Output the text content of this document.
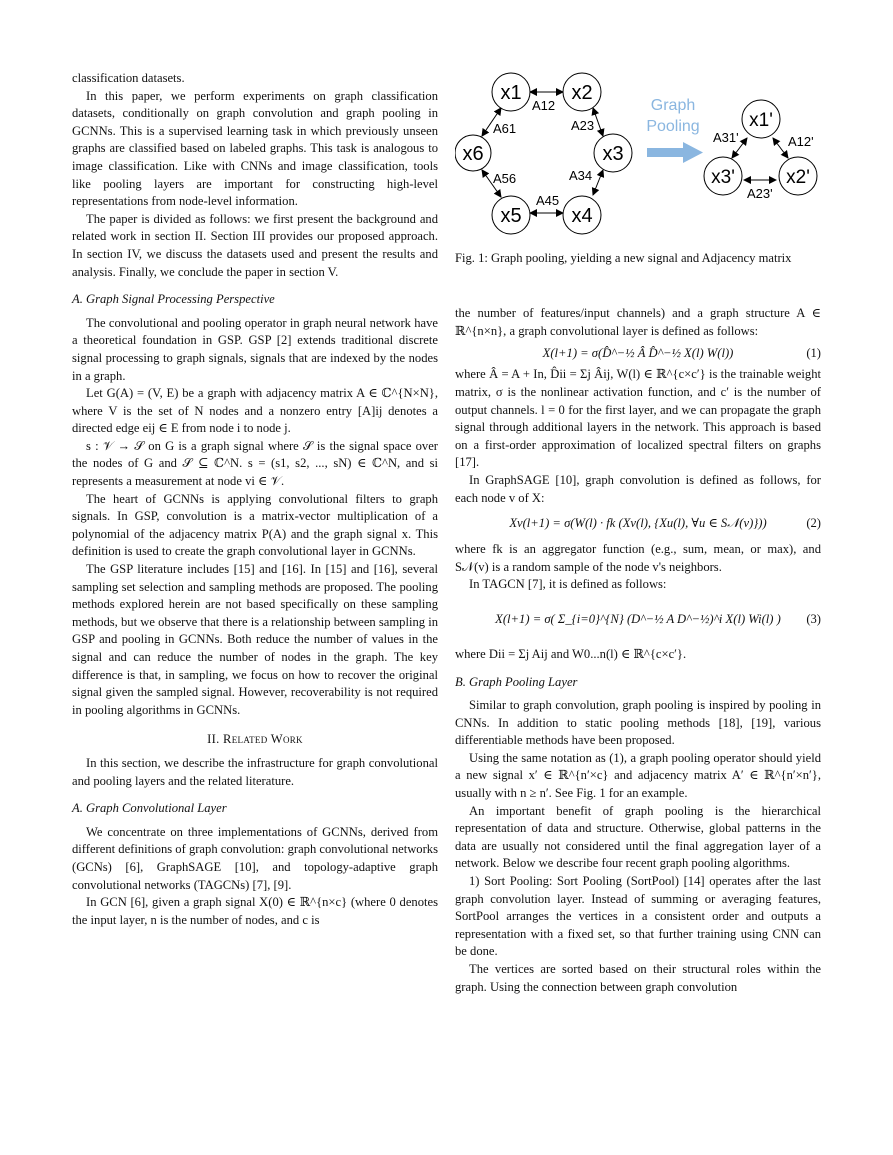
classification datasets.

In this paper, we perform experiments on graph classification datasets, conditionally on graph convolution and graph pooling in GCNNs. This is a supervised learning task in which previously unseen graphs are classified based on labeled graphs. This task is analogous to image classification. Like with CNNs and image classification, tools like pooling layers are important for constructing high-level representations from node-level information.

The paper is divided as follows: we first present the background and related work in section II. Section III provides our proposed approach. In section IV, we discuss the datasets used and present the results and analysis. Finally, we conclude the paper in section V.

A. Graph Signal Processing Perspective

The convolutional and pooling operator in graph neural network have a theoretical foundation in GSP. GSP [2] extends traditional discrete signal processing to graph signals, signals that are indexed by the nodes in a graph.

Let G(A) = (V, E) be a graph with adjacency matrix A ∈ ℂ^{N×N}, where V is the set of N nodes and a nonzero entry [A]ij denotes a directed edge eij ∈ E from node i to node j.

s : 𝒱 → 𝒮 on G is a graph signal where 𝒮 is the signal space over the nodes of G and 𝒮 ⊆ ℂ^N. s = (s1, s2, ..., sN) ∈ ℂ^N, and si represents a measurement at node vi ∈ 𝒱.

The heart of GCNNs is applying convolutional filters to graph signals. In GSP, convolution is a matrix-vector multiplication of a polynomial of the adjacency matrix P(A) and the graph signal x. This definition is used to create the graph convolutional layer in GCNNs.

The GSP literature includes [15] and [16]. In [15] and [16], several sampling set selection and sampling methods are proposed. The pooling methods explored herein are not based specifically on these sampling methods, but we observe that there is a relationship between sampling in GSP and pooling in GCNNs. Both reduce the number of values in the signal and can reduce the number of nodes in the graph. The key difference is that, in sampling, we focus on how to recover the original signal given the sampled signal. However, recoverability is not required in pooling algorithms in GCNNs.

II. Related Work

In this section, we describe the infrastructure for graph convolutional and pooling layers and the related literature.

A. Graph Convolutional Layer

We concentrate on three implementations of GCNNs, derived from different definitions of graph convolution: graph convolutional networks (GCNs) [6], GraphSAGE [10], and topology-adaptive graph convolutional networks (TAGCNs) [7], [9].

In GCN [6], given a graph signal X(0) ∈ ℝ^{n×c} (where 0 denotes the input layer, n is the number of nodes, and c is

x1 x2
x3
x4
x5
x6
A12
A23
A34
A45
A56
A61
Graph
Pooling	x1'
x2'
x3'
A31'	A12'
A23'
Fig. 1: Graph pooling, yielding a new signal and Adjacency matrix

the number of features/input channels) and a graph structure A ∈ ℝ^{n×n}, a graph convolutional layer is defined as follows:

X(l+1) = σ(D̂^−½ Â D̂^−½ X(l) W(l))	(1)

where Â = A + In, D̂ii = Σj Âij, W(l) ∈ ℝ^{c×c′} is the trainable weight matrix, σ is the nonlinear activation function, and c′ is the number of output channels. l = 0 for the first layer, and we can propagate the graph signal through additional layers in the network. This approach is based on a first-order approximation of localized spectral filters on graphs [17].

In GraphSAGE [10], graph convolution is defined as follows, for each node v of X:

Xv(l+1) = σ(W(l) · fk (Xv(l), {Xu(l), ∀u ∈ S𝒩(v)}))	(2)

where fk is an aggregator function (e.g., sum, mean, or max), and S𝒩(v) is a random sample of the node v's neighbors.

In TAGCN [7], it is defined as follows:

X(l+1) = σ( Σ_{i=0}^{N} (D^−½ A D^−½)^i X(l) Wi(l) ) (3)

where Dii = Σj Aij and W0...n(l) ∈ ℝ^{c×c′}.

B. Graph Pooling Layer

Similar to graph convolution, graph pooling is inspired by pooling in CNNs. In addition to static pooling methods [18], [19], various differentiable methods have been proposed.

Using the same notation as (1), a graph pooling operator should yield a new signal x′ ∈ ℝ^{n′×c} and adjacency matrix A′ ∈ ℝ^{n′×n′}, usually with n ≥ n′. See Fig. 1 for an example.

An important benefit of graph pooling is the hierarchical representation of data and structure. Otherwise, global patterns in the data are usually not considered until the final aggregation layer of a network. Below we describe four recent graph pooling algorithms.

1) Sort Pooling: Sort Pooling (SortPool) [14] operates after the last graph convolution layer. Instead of summing or averaging features, SortPool arranges the vertices in a consistent order and outputs a representation with a fixed set, so that further training using CNN can be done.

The vertices are sorted based on their structural roles within the graph. Using the connection between graph convolution
